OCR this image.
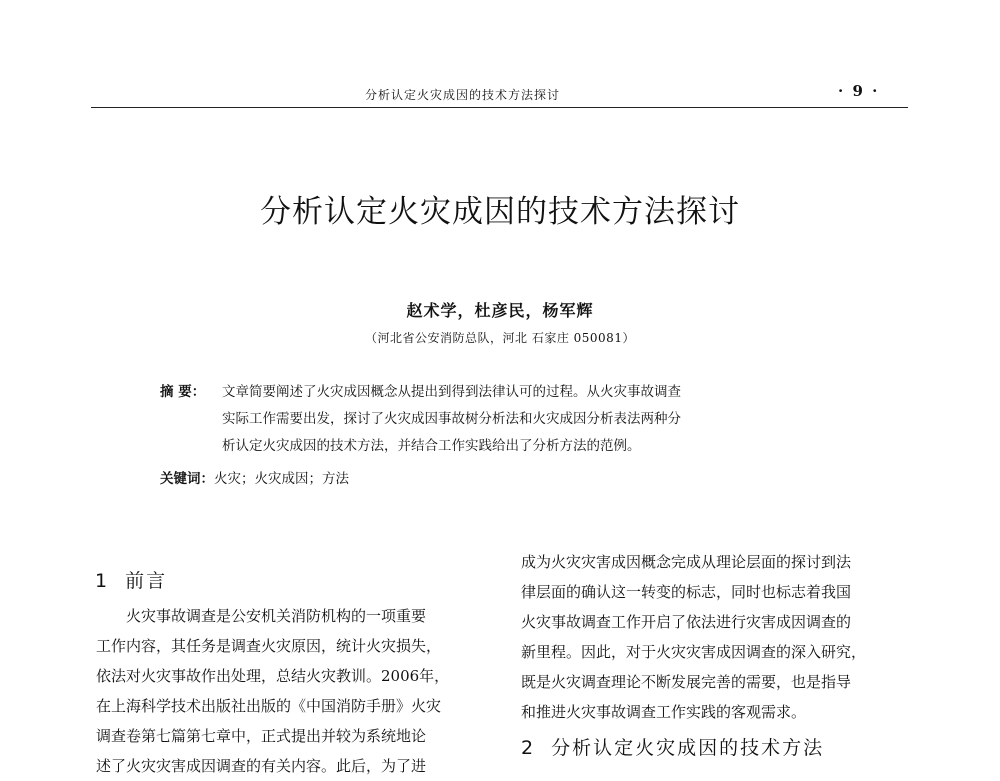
分析认定火灾成因的技术方法探讨	· 9 ·
分析认定火灾成因的技术方法探讨
赵术学，杜彦民，杨军辉
（河北省公安消防总队，河北 石家庄 050081）
摘 要： 文章简要阐述了火灾成因概念从提出到得到法律认可的过程。从火灾事故调查
实际工作需要出发，探讨了火灾成因事故树分析法和火灾成因分析表法两种分
析认定火灾成因的技术方法，并结合工作实践给出了分析方法的范例。
关键词：火灾；火灾成因；方法
1 前言
火灾事故调查是公安机关消防机构的一项重要
工作内容，其任务是调查火灾原因，统计火灾损失，
依法对火灾事故作出处理，总结火灾教训。2006年，
在上海科学技术出版社出版的《中国消防手册》火灾
调查卷第七篇第七章中，正式提出并较为系统地论
述了火灾灾害成因调查的有关内容。此后，为了进
成为火灾灾害成因概念完成从理论层面的探讨到法
律层面的确认这一转变的标志，同时也标志着我国
火灾事故调查工作开启了依法进行灾害成因调查的
新里程。因此，对于火灾灾害成因调查的深入研究，
既是火灾调查理论不断发展完善的需要，也是指导
和推进火灾事故调查工作实践的客观需求。
2 分析认定火灾成因的技术方法
